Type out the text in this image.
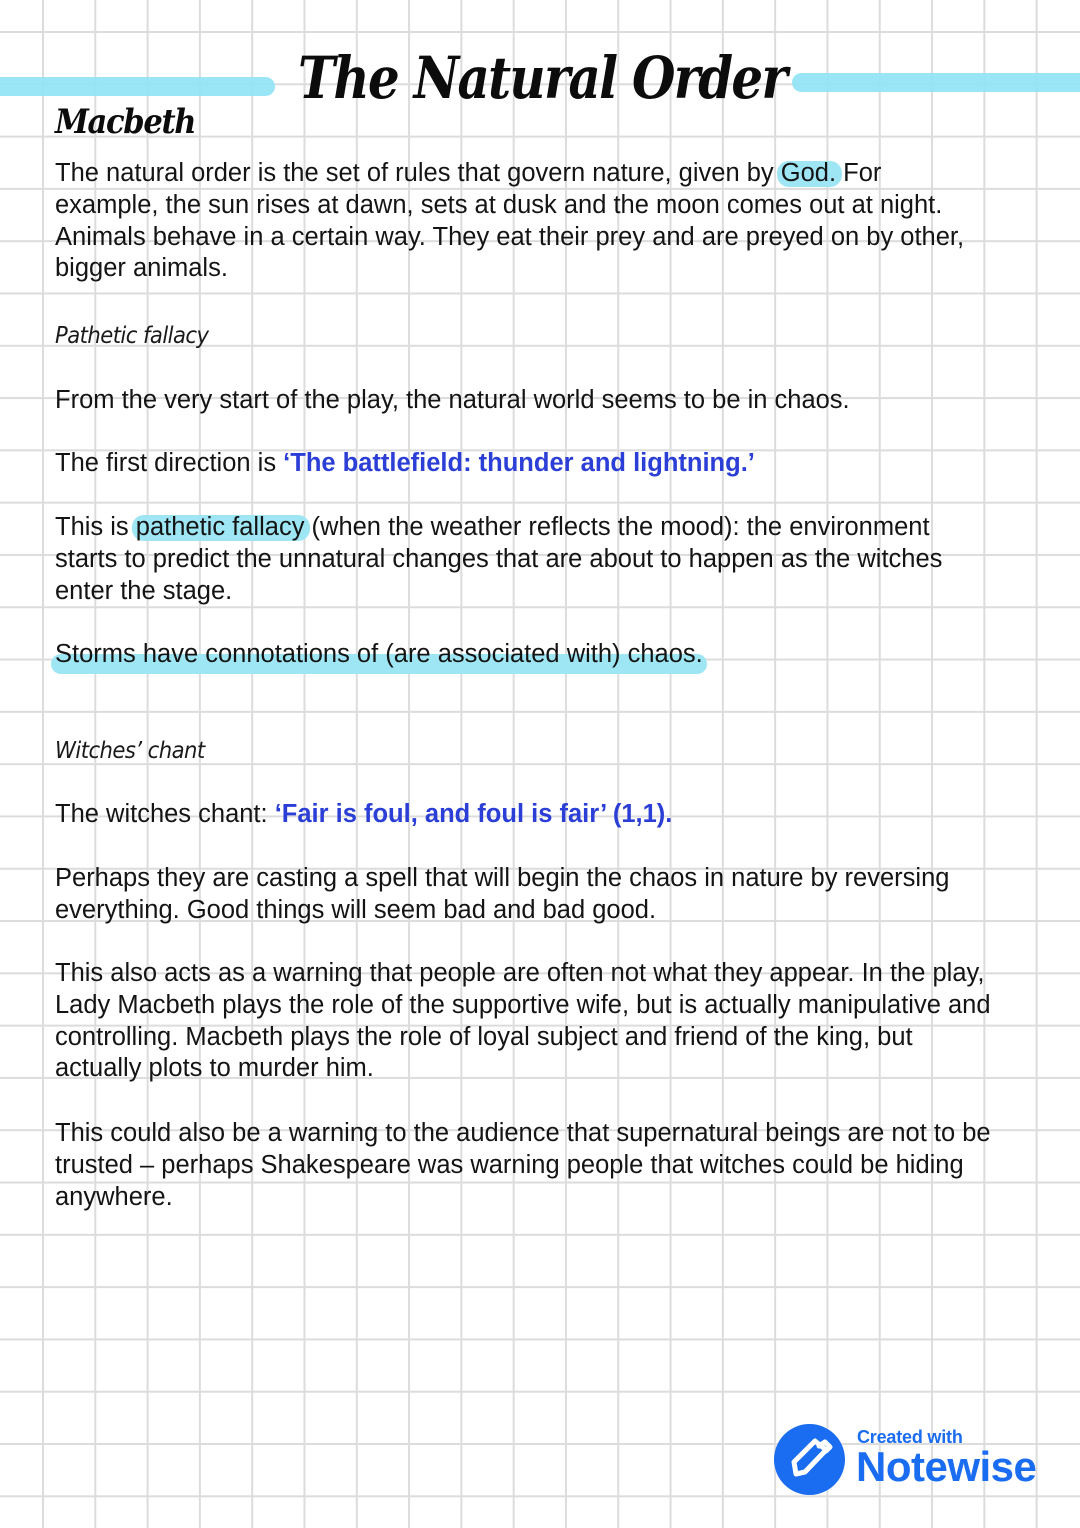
The Natural Order
Macbeth

The natural order is the set of rules that govern nature, given by God. For
example, the sun rises at dawn, sets at dusk and the moon comes out at night.
Animals behave in a certain way. They eat their prey and are preyed on by other,
bigger animals.

Pathetic fallacy

From the very start of the play, the natural world seems to be in chaos.

The first direction is ‘The battlefield: thunder and lightning.’

This is pathetic fallacy (when the weather reflects the mood): the environment
starts to predict the unnatural changes that are about to happen as the witches
enter the stage.

Storms have connotations of (are associated with) chaos.

Witches’ chant

The witches chant: ‘Fair is foul, and foul is fair’ (1,1).

Perhaps they are casting a spell that will begin the chaos in nature by reversing
everything. Good things will seem bad and bad good.

This also acts as a warning that people are often not what they appear. In the play,
Lady Macbeth plays the role of the supportive wife, but is actually manipulative and
controlling. Macbeth plays the role of loyal subject and friend of the king, but
actually plots to murder him.

This could also be a warning to the audience that supernatural beings are not to be
trusted – perhaps Shakespeare was warning people that witches could be hiding
anywhere.

Created with
Notewise
